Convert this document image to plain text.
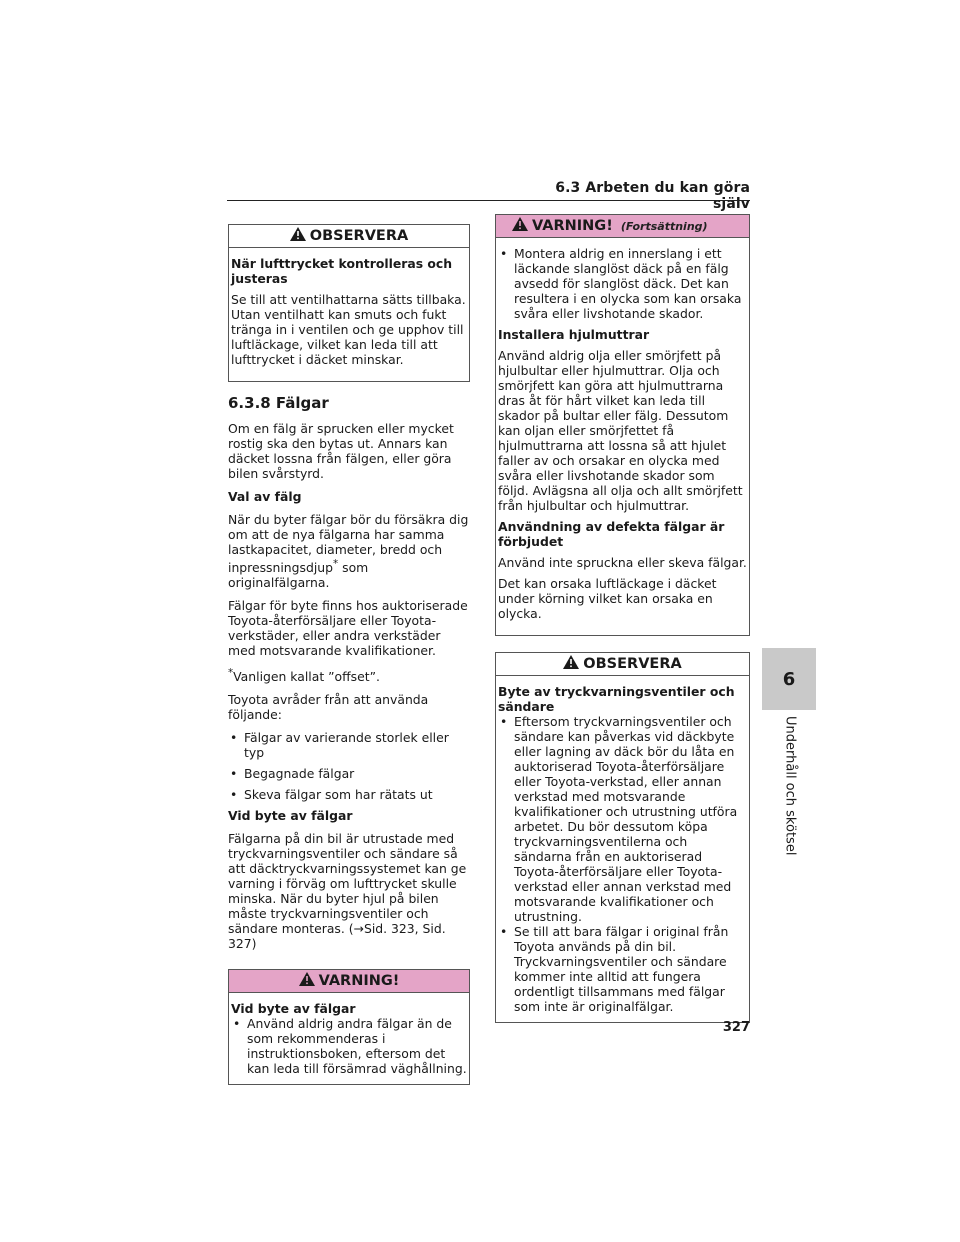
6.3 Arbeten du kan göra själv
OBSERVERA

När lufttrycket kontrolleras och justeras

Se till att ventilhattarna sätts tillbaka. Utan ventilhatt kan smuts och fukt tränga in i ventilen och ge upphov till luftläckage, vilket kan leda till att lufttrycket i däcket minskar.

6.3.8 Fälgar

Om en fälg är sprucken eller mycket rostig ska den bytas ut. Annars kan däcket lossna från fälgen, eller göra bilen svårstyrd.

Val av fälg

När du byter fälgar bör du försäkra dig om att de nya fälgarna har samma lastkapacitet, diameter, bredd och inpressningsdjup* som originalfälgarna.

Fälgar för byte finns hos auktoriserade Toyota-återförsäljare eller Toyota-verkstäder, eller andra verkstäder med motsvarande kvalifikationer.

*Vanligen kallat ”offset”.

Toyota avråder från att använda följande:

• Fälgar av varierande storlek eller typ
• Begagnade fälgar
• Skeva fälgar som har rätats ut

Vid byte av fälgar

Fälgarna på din bil är utrustade med tryckvarningsventiler och sändare så att däcktryckvarningssystemet kan ge varning i förväg om lufttrycket skulle minska. När du byter hjul på bilen måste tryckvarningsventiler och sändare monteras. (→Sid. 323, Sid. 327)

VARNING!

Vid byte av fälgar

• Använd aldrig andra fälgar än de som rekommenderas i instruktionsboken, eftersom det kan leda till försämrad väghållning.
VARNING! (Fortsättning)
• Montera aldrig en innerslang i ett läckande slanglöst däck på en fälg avsedd för slanglöst däck. Det kan resultera i en olycka som kan orsaka svåra eller livshotande skador.

Installera hjulmuttrar

Använd aldrig olja eller smörjfett på hjulbultar eller hjulmuttrar. Olja och smörjfett kan göra att hjulmuttrarna dras åt för hårt vilket kan leda till skador på bultar eller fälg. Dessutom kan oljan eller smörjfettet få hjulmuttrarna att lossna så att hjulet faller av och orsakar en olycka med svåra eller livshotande skador som följd. Avlägsna all olja och allt smörjfett från hjulbultar och hjulmuttrar.

Användning av defekta fälgar är förbjudet

Använd inte spruckna eller skeva fälgar.

Det kan orsaka luftläckage i däcket under körning vilket kan orsaka en olycka.

OBSERVERA

Byte av tryckvarningsventiler och sändare

• Eftersom tryckvarningsventiler och sändare kan påverkas vid däckbyte eller lagning av däck bör du låta en auktoriserad Toyota-återförsäljare eller Toyota-verkstad, eller annan verkstad med motsvarande kvalifikationer och utrustning utföra arbetet. Du bör dessutom köpa tryckvarningsventilerna och sändarna från en auktoriserad Toyota-återförsäljare eller Toyota-verkstad eller annan verkstad med motsvarande kvalifikationer och utrustning.
• Se till att bara fälgar i original från Toyota används på din bil. Tryckvarningsventiler och sändare kommer inte alltid att fungera ordentligt tillsammans med fälgar som inte är originalfälgar.
6
Underhåll och skötsel
327
